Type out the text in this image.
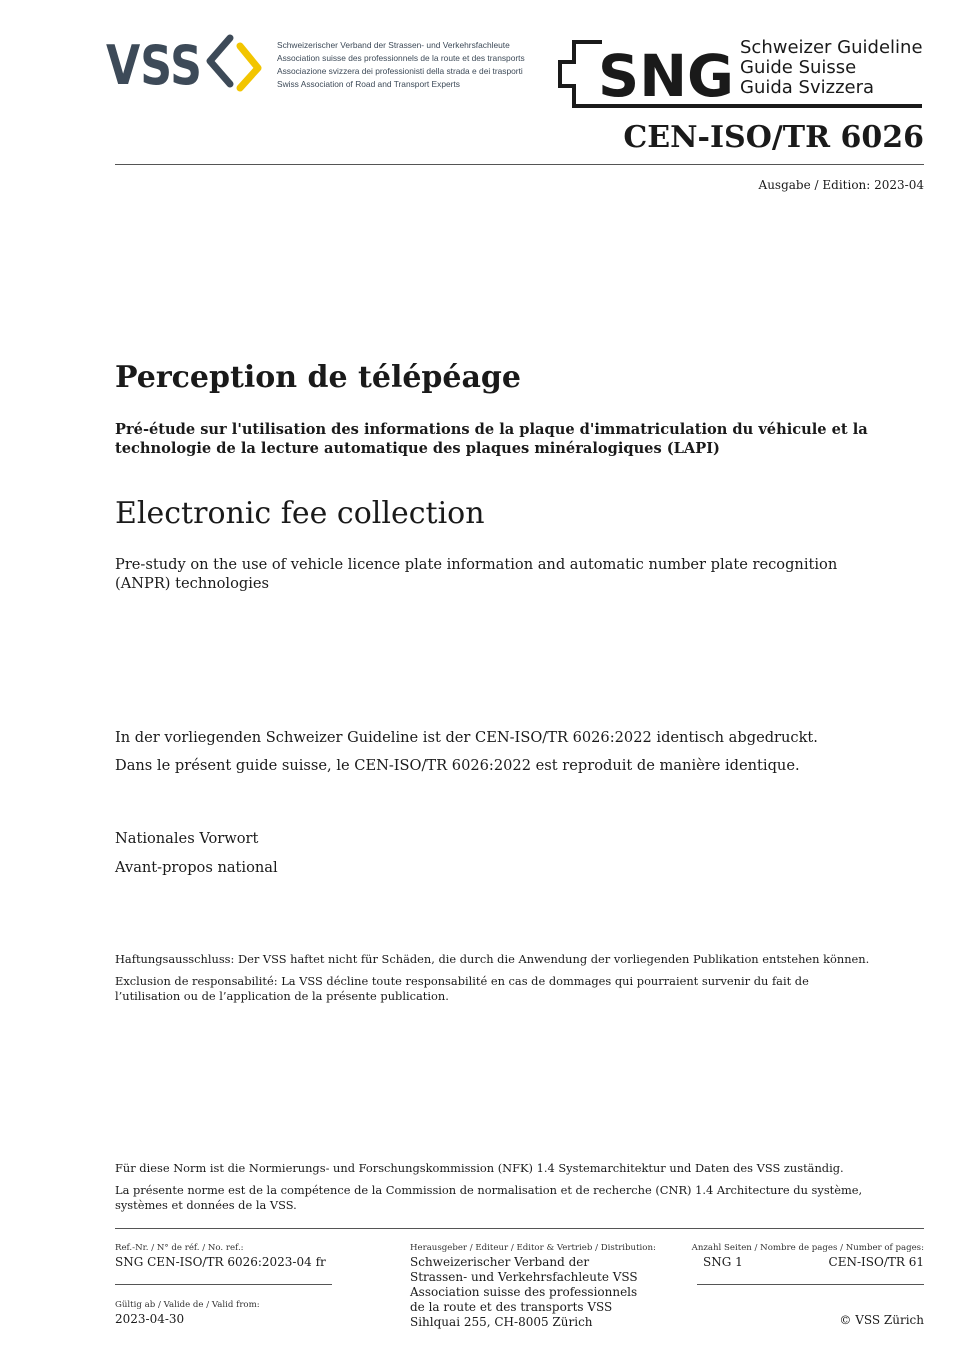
VSS	Schweizerischer Verband der Strassen- und Verkehrsfachleute
Association suisse des professionnels de la route et des transports
Associazione svizzera dei professionisti della strada e dei trasporti
Swiss Association of Road and Transport Experts	SNG Schweizer Guideline
Guide Suisse
Guida Svizzera
CEN-ISO/TR 6026
Ausgabe / Edition: 2023-04
Perception de télépéage
Pré-étude sur l'utilisation des informations de la plaque d'immatriculation du véhicule et la technologie de la lecture automatique des plaques minéralogiques (LAPI)
Electronic fee collection
Pre-study on the use of vehicle licence plate information and automatic number plate recognition (ANPR) technologies
In der vorliegenden Schweizer Guideline ist der CEN-ISO/TR 6026:2022 identisch abgedruckt.
Dans le présent guide suisse, le CEN-ISO/TR 6026:2022 est reproduit de manière identique.
Nationales Vorwort
Avant-propos national
Haftungsausschluss: Der VSS haftet nicht für Schäden, die durch die Anwendung der vorliegenden Publikation entstehen können.
Exclusion de responsabilité: La VSS décline toute responsabilité en cas de dommages qui pourraient survenir du fait de l’utilisation ou de l’application de la présente publication.
Für diese Norm ist die Normierungs- und Forschungskommission (NFK) 1.4 Systemarchitektur und Daten des VSS zuständig.
La présente norme est de la compétence de la Commission de normalisation et de recherche (CNR) 1.4 Architecture du système, systèmes et données de la VSS.
Ref.-Nr. / N° de réf. / No. ref.:
SNG CEN-ISO/TR 6026:2023-04 fr
Gültig ab / Valide de / Valid from:
2023-04-30
Herausgeber / Editeur / Editor & Vertrieb / Distribution:
Schweizerischer Verband der
Strassen- und Verkehrsfachleute VSS
Association suisse des professionnels
de la route et des transports VSS
Sihlquai 255, CH-8005 Zürich
Anzahl Seiten / Nombre de pages / Number of pages:
SNG 1	CEN-ISO/TR 61
© VSS Zürich
